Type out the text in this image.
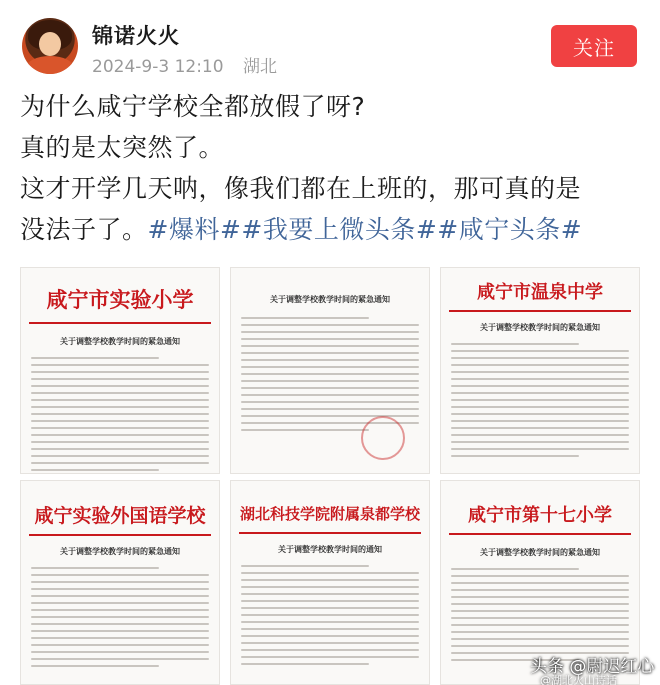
锦诺火火
2024-9-3 12:10 湖北
关注

为什么咸宁学校全都放假了呀?

真的是太突然了。

这才开学几天呐，像我们都在上班的，那可真的是

没法子了。#爆料##我要上微头条##咸宁头条#

咸宁市实验小学
关于调整学校教学时间的紧急通知
关于调整学校教学时间的紧急通知	咸宁市温泉中学
关于调整学校教学时间的紧急通知
咸宁实验外国语学校
关于调整学校教学时间的紧急通知
湖北科技学院附属泉都学校
关于调整学校教学时间的通知
咸宁市第十七小学
关于调整学校教学时间的紧急通知
头条 @尉迟红心
@湖北火山诗话
